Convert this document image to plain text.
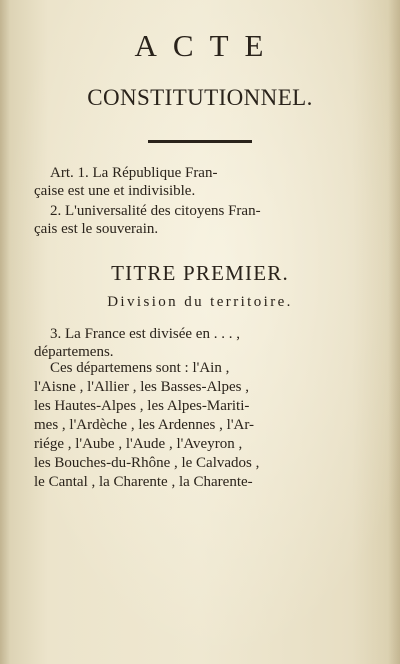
ACTE
CONSTITUTIONNEL.
Art. 1. La République Fran-
çaise est une et indivisible.
2. L'universalité des citoyens Fran-
çais est le souverain.
TITRE PREMIER.
Division du territoire.
3. La France est divisée en . . . ,
départemens.
Ces départemens sont : l'Ain ,
l'Aisne , l'Allier , les Basses-Alpes ,
les Hautes-Alpes , les Alpes-Mariti-
mes , l'Ardèche , les Ardennes , l'Ar-
riége , l'Aube , l'Aude , l'Aveyron ,
les Bouches-du-Rhône , le Calvados ,
le Cantal , la Charente , la Charente-
